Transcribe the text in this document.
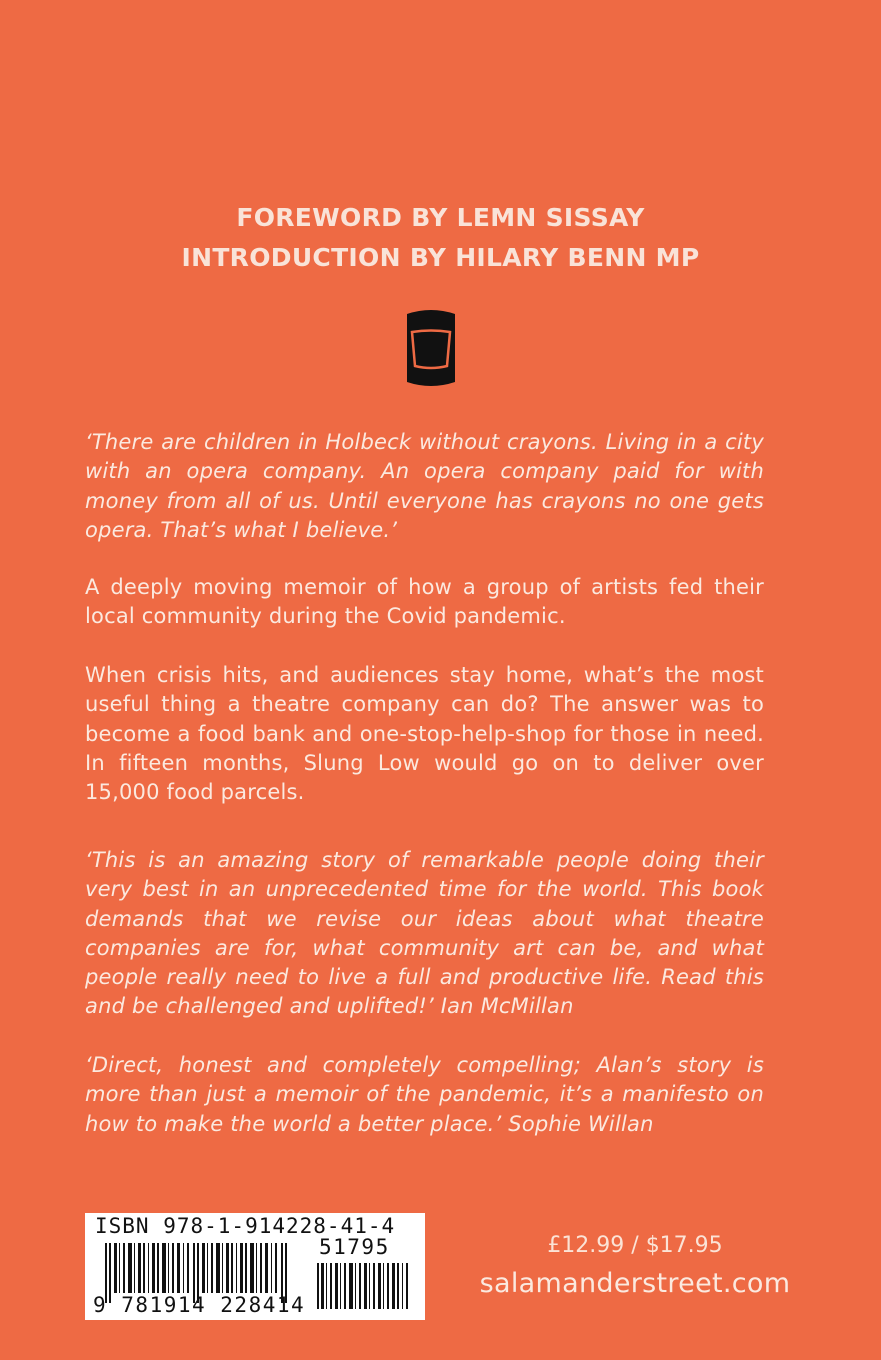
FOREWORD BY LEMN SISSAY
INTRODUCTION BY HILARY BENN MP
‘There are children in Holbeck without crayons. Living in a city with an opera company. An opera company paid for with money from all of us. Until everyone has crayons no one gets opera. That’s what I believe.’
A deeply moving memoir of how a group of artists fed their local community during the Covid pandemic.
When crisis hits, and audiences stay home, what’s the most useful thing a theatre company can do? The answer was to become a food bank and one-stop-help-shop for those in need. In fifteen months, Slung Low would go on to deliver over 15,000 food parcels.
‘This is an amazing story of remarkable people doing their very best in an unprecedented time for the world. This book demands that we revise our ideas about what theatre companies are for, what community art can be, and what people really need to live a full and productive life. Read this and be challenged and uplifted!’ Ian McMillan
‘Direct, honest and completely compelling; Alan’s story is more than just a memoir of the pandemic, it’s a manifesto on how to make the world a better place.’ Sophie Willan
ISBN 978-1-914228-41-4
51795
9 781914 228414
£12.99 / $17.95
salamanderstreet.com
